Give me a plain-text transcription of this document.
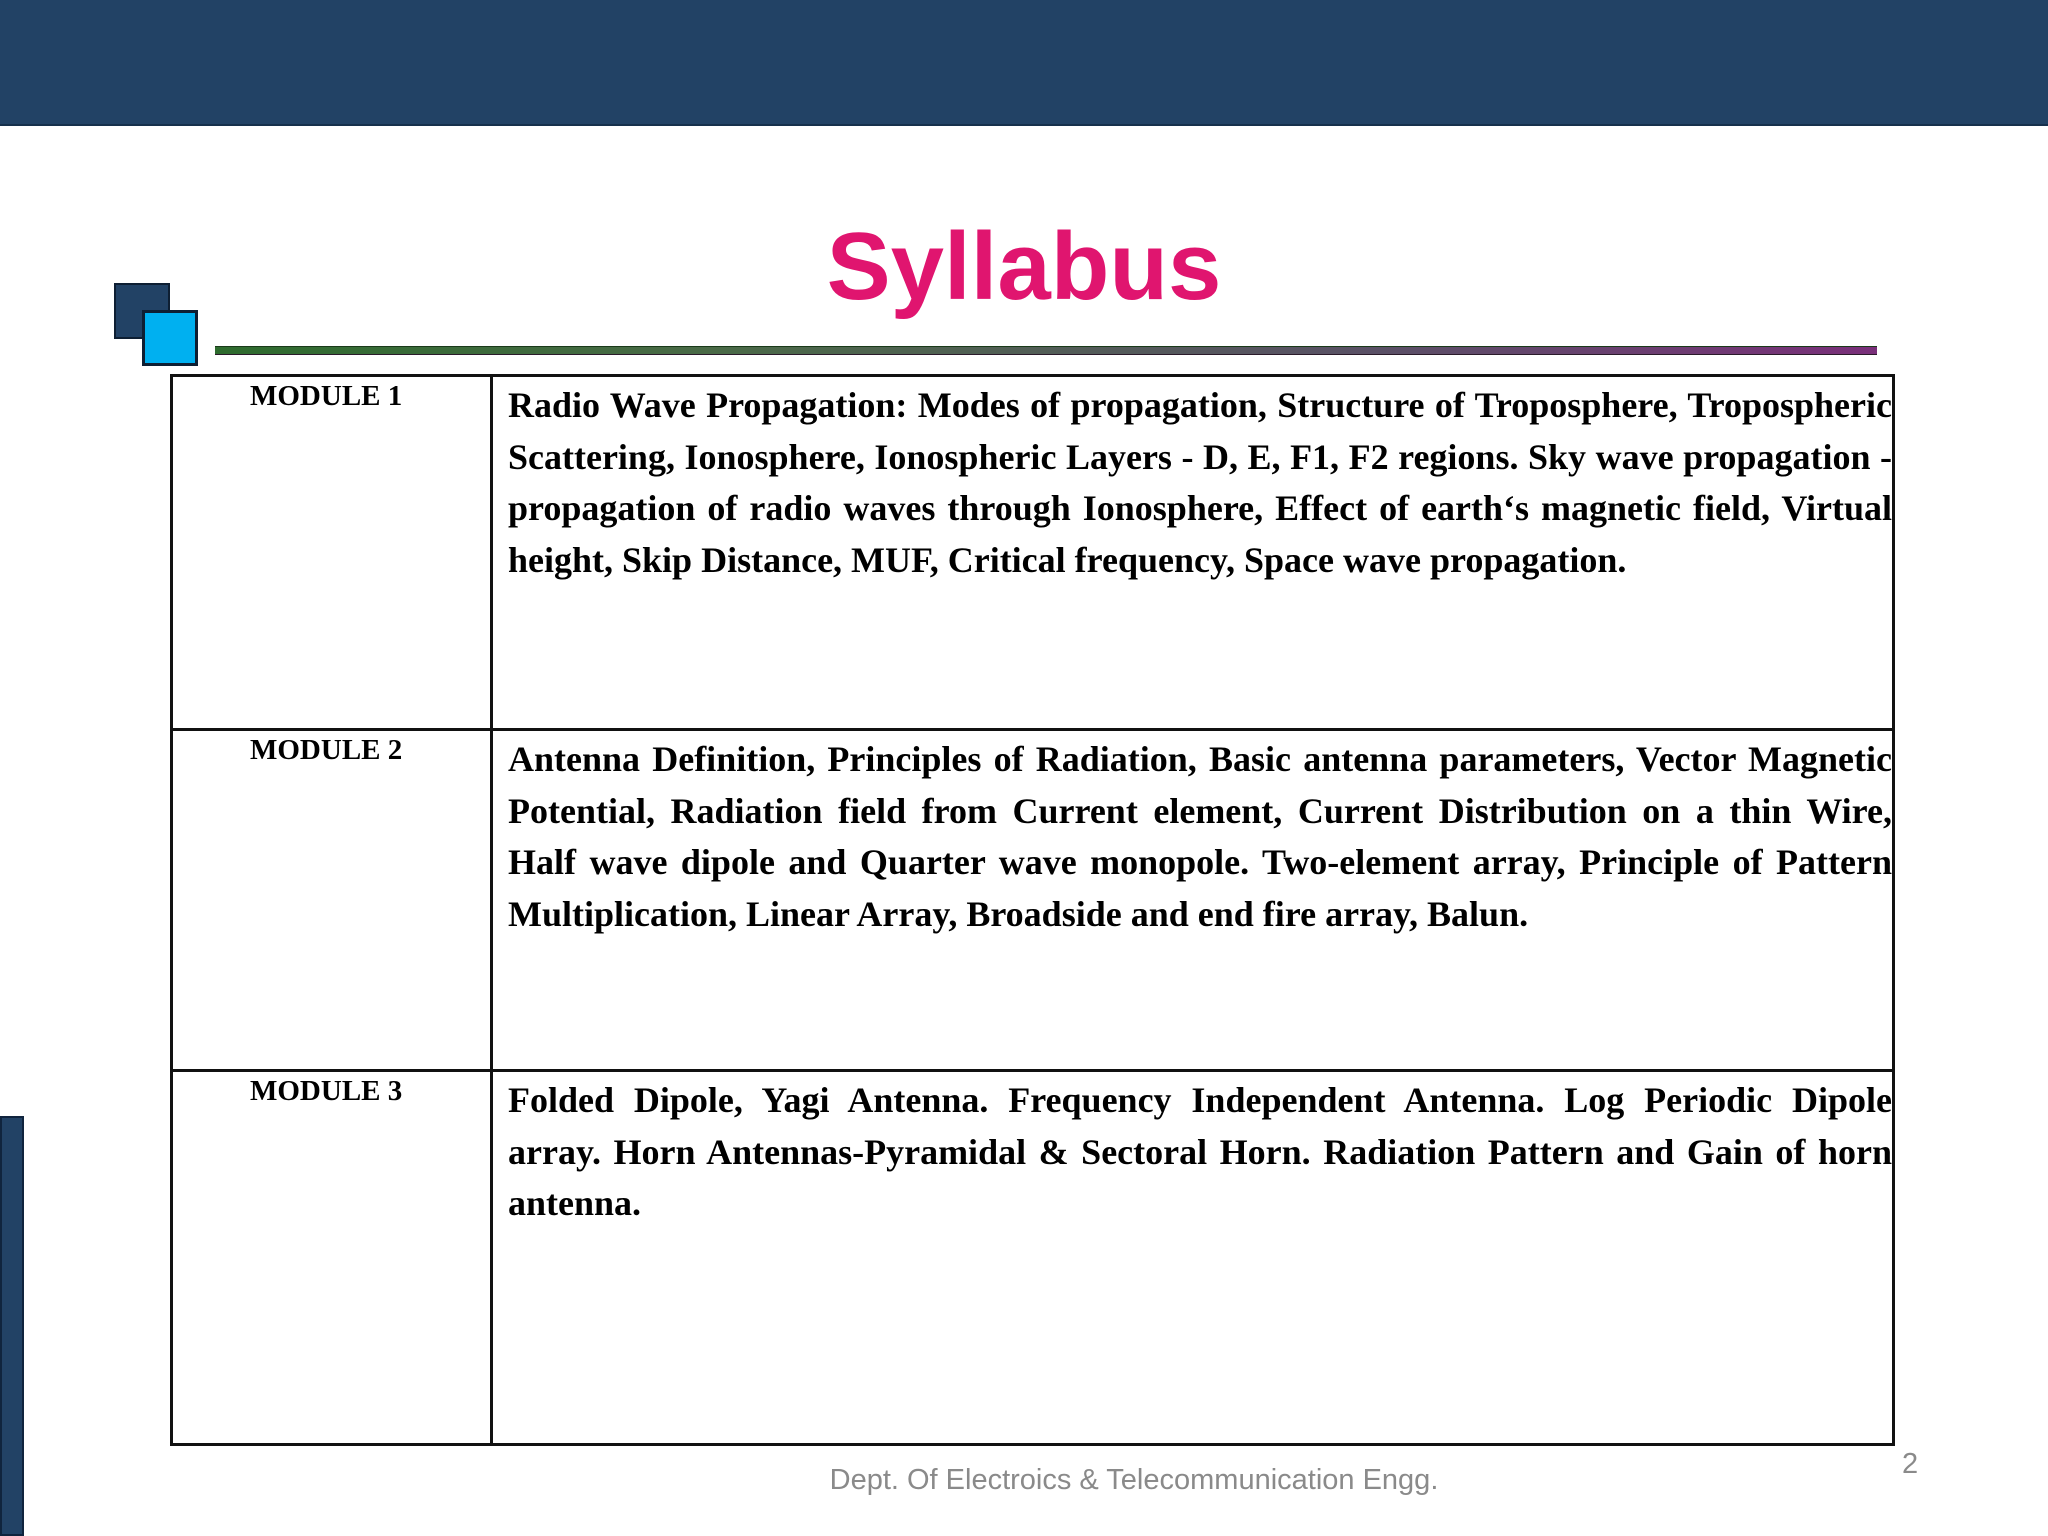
Syllabus
MODULE 1	Radio Wave Propagation: Modes of propagation, Structure of Troposphere, Tropospheric Scattering, Ionosphere, Ionospheric Layers - D, E, F1, F2 regions. Sky wave propagation - propagation of radio waves through Ionosphere, Effect of earth‘s magnetic field, Virtual height, Skip Distance, MUF, Critical frequency, Space wave propagation.

MODULE 2	Antenna Definition, Principles of Radiation, Basic antenna parameters, Vector Magnetic Potential, Radiation field from Current element, Current Distribution on a thin Wire, Half wave dipole and Quarter wave monopole. Two-element array, Principle of Pattern Multiplication, Linear Array, Broadside and end fire array, Balun.

MODULE 3	Folded Dipole, Yagi Antenna. Frequency Independent Antenna. Log Periodic Dipole array. Horn Antennas-Pyramidal & Sectoral Horn. Radiation Pattern and Gain of horn antenna.
Dept. Of Electroics & Telecommunication Engg.	2
